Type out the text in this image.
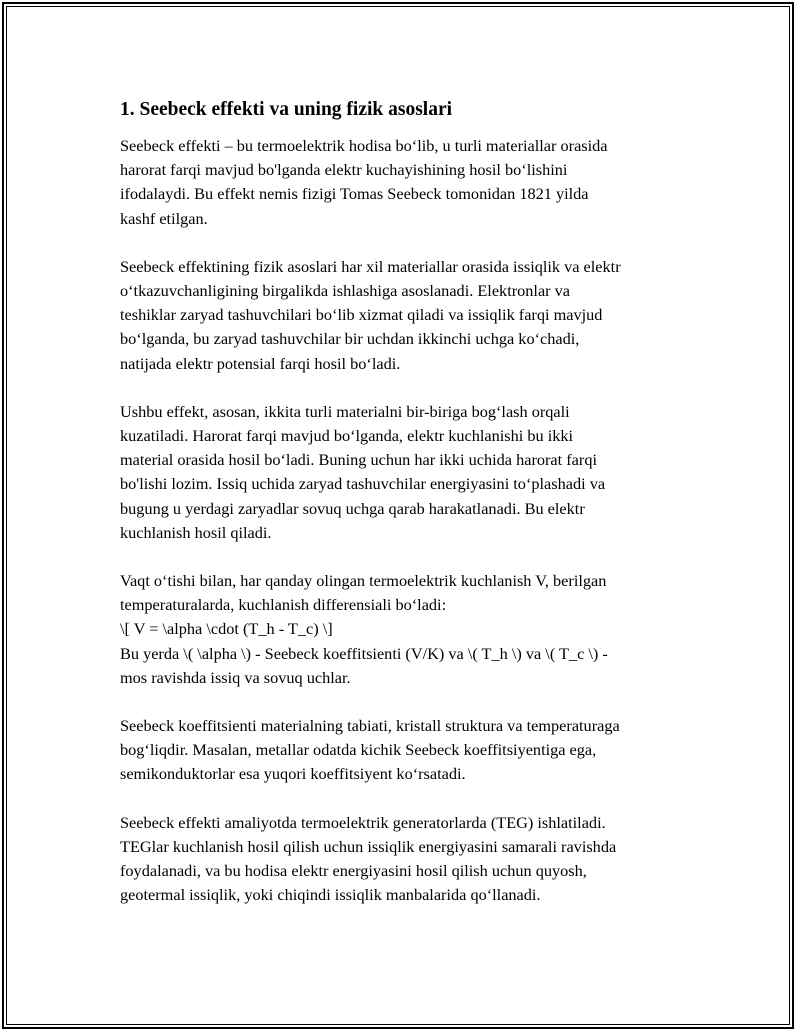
1. Seebeck effekti va uning fizik asoslari

Seebeck effekti – bu termoelektrik hodisa bo‘lib, u turli materiallar orasida
harorat farqi mavjud bo'lganda elektr kuchayishining hosil bo‘lishini
ifodalaydi. Bu effekt nemis fizigi Tomas Seebeck tomonidan 1821 yilda
kashf etilgan.

Seebeck effektining fizik asoslari har xil materiallar orasida issiqlik va elektr
o‘tkazuvchanligining birgalikda ishlashiga asoslanadi. Elektronlar va
teshiklar zaryad tashuvchilari bo‘lib xizmat qiladi va issiqlik farqi mavjud
bo‘lganda, bu zaryad tashuvchilar bir uchdan ikkinchi uchga ko‘chadi,
natijada elektr potensial farqi hosil bo‘ladi.

Ushbu effekt, asosan, ikkita turli materialni bir-biriga bog‘lash orqali
kuzatiladi. Harorat farqi mavjud bo‘lganda, elektr kuchlanishi bu ikki
material orasida hosil bo‘ladi. Buning uchun har ikki uchida harorat farqi
bo'lishi lozim. Issiq uchida zaryad tashuvchilar energiyasini to‘plashadi va
bugung u yerdagi zaryadlar sovuq uchga qarab harakatlanadi. Bu elektr
kuchlanish hosil qiladi.

Vaqt o‘tishi bilan, har qanday olingan termoelektrik kuchlanish V, berilgan
temperaturalarda, kuchlanish differensiali bo‘ladi:
\[ V = \alpha \cdot (T_h - T_c) \]
Bu yerda \( \alpha \) - Seebeck koeffitsienti (V/K) va \( T_h \) va \( T_c \) -
mos ravishda issiq va sovuq uchlar.

Seebeck koeffitsienti materialning tabiati, kristall struktura va temperaturaga
bog‘liqdir. Masalan, metallar odatda kichik Seebeck koeffitsiyentiga ega,
semikonduktorlar esa yuqori koeffitsiyent ko‘rsatadi.

Seebeck effekti amaliyotda termoelektrik generatorlarda (TEG) ishlatiladi.
TEGlar kuchlanish hosil qilish uchun issiqlik energiyasini samarali ravishda
foydalanadi, va bu hodisa elektr energiyasini hosil qilish uchun quyosh,
geotermal issiqlik, yoki chiqindi issiqlik manbalarida qo‘llanadi.
